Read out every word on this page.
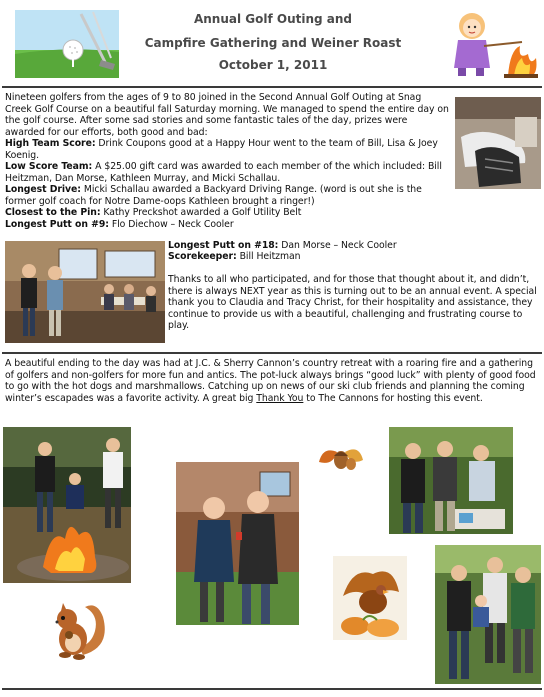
Annual Golf Outing and
Campfire Gathering and Weiner Roast
October 1, 2011
Nineteen golfers from the ages of 9 to 80 joined in the Second Annual Golf Outing at Snag Creek Golf Course on a beautiful fall Saturday morning. We managed to spend the entire day on the golf course. After some sad stories and some fantastic tales of the day, prizes were awarded for our efforts, both good and bad:
High Team Score: Drink Coupons good at a Happy Hour went to the team of Bill, Lisa & Joey Koenig.
Low Score Team: A $25.00 gift card was awarded to each member of the which included: Bill Heitzman, Dan Morse, Kathleen Murray, and Micki Schallau.
Longest Drive: Micki Schallau awarded a Backyard Driving Range. (word is out she is the former golf coach for Notre Dame-oops Kathleen brought a ringer!)
Closest to the Pin: Kathy Preckshot awarded a Golf Utility Belt
Longest Putt on #9: Flo Diechow – Neck Cooler
Longest Putt on #18: Dan Morse – Neck Cooler
Scorekeeper: Bill Heitzman
Thanks to all who participated, and for those that thought about it, and didn’t, there is always NEXT year as this is turning out to be an annual event. A special thank you to Claudia and Tracy Christ, for their hospitality and assistance, they continue to provide us with a beautiful, challenging and frustrating course to play.
A beautiful ending to the day was had at J.C. & Sherry Cannon’s country retreat with a roaring fire and a gathering of golfers and non-golfers for more fun and antics. The pot-luck always brings “good luck” with plenty of good food to go with the hot dogs and marshmallows. Catching up on news of our ski club friends and planning the coming winter’s escapades was a favorite activity. A great big Thank You to The Cannons for hosting this event.
